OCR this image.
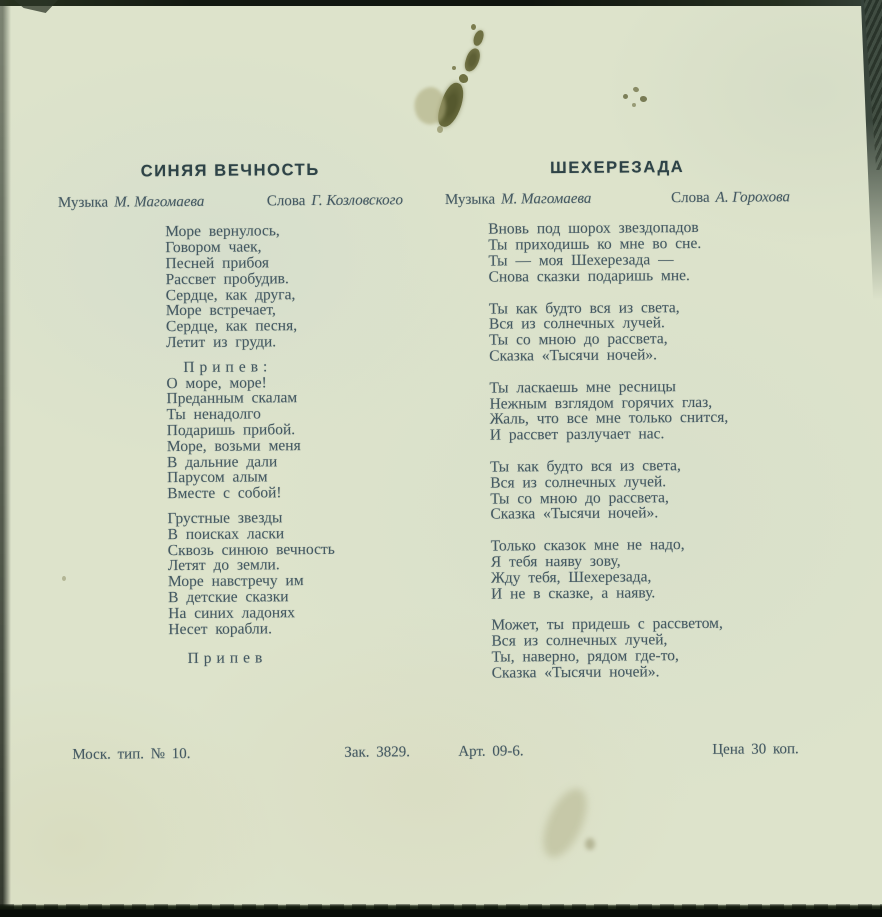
СИНЯЯ ВЕЧНОСТЬ
Музыка М. Магомаева	Слова Г. Козловского
Море вернулось,
Говором чаек,
Песней прибоя
Рассвет пробудив.
Сердце, как друга,
Море встречает,
Сердце, как песня,
Летит из груди.
Припев:
О море, море!
Преданным скалам
Ты ненадолго
Подаришь прибой.
Море, возьми меня
В дальние дали
Парусом алым
Вместе с собой!
Грустные звезды
В поисках ласки
Сквозь синюю вечность
Летят до земли.
Море навстречу им
В детские сказки
На синих ладонях
Несет корабли.
Припев
ШЕХЕРЕЗАДА
Музыка М. Магомаева	Слова А. Горохова
Вновь под шорох звездопадов
Ты приходишь ко мне во сне.
Ты — моя Шехерезада —
Снова сказки подаришь мне.
Ты как будто вся из света,
Вся из солнечных лучей.
Ты со мною до рассвета,
Сказка «Тысячи ночей».
Ты ласкаешь мне ресницы
Нежным взглядом горячих глаз,
Жаль, что все мне только снится,
И рассвет разлучает нас.
Ты как будто вся из света,
Вся из солнечных лучей.
Ты со мною до рассвета,
Сказка «Тысячи ночей».
Только сказок мне не надо,
Я тебя наяву зову,
Жду тебя, Шехерезада,
И не в сказке, а наяву.
Может, ты придешь с рассветом,
Вся из солнечных лучей,
Ты, наверно, рядом где-то,
Сказка «Тысячи ночей».
Моск. тип. № 10.	Зак. 3829.	Арт. 09-6.	Цена 30 коп.
